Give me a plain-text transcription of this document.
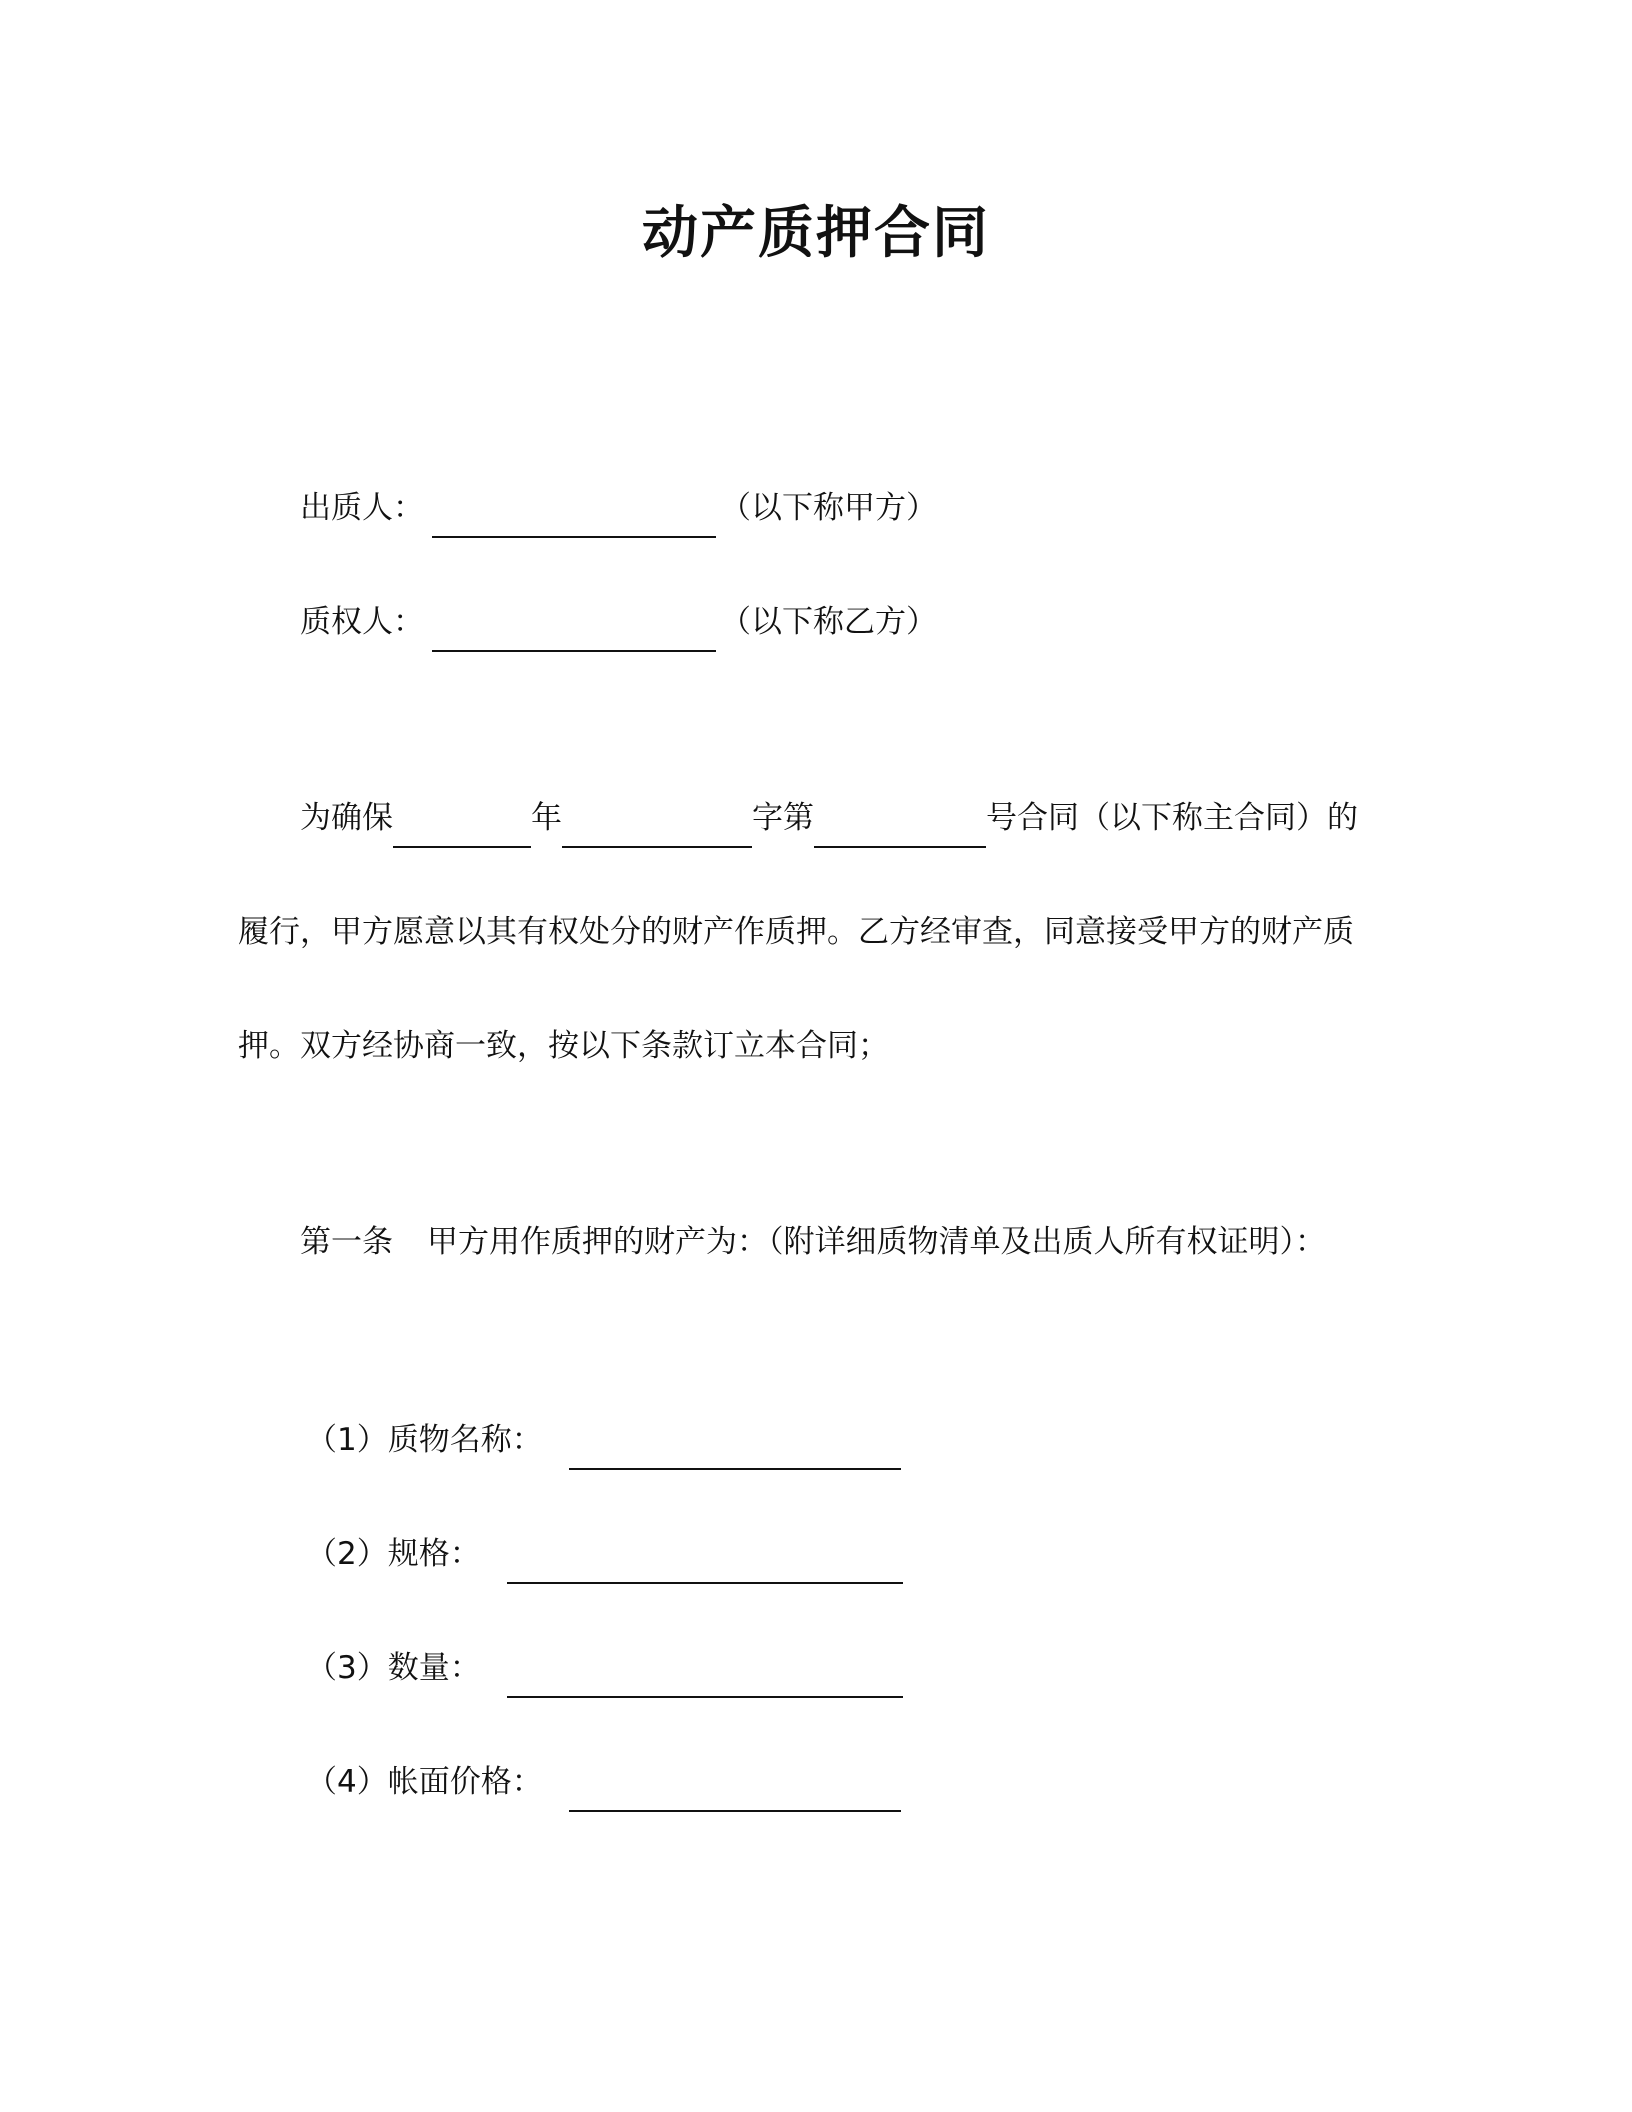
动产质押合同
出质人：	（以下称甲方）
质权人：	（以下称乙方）
为确保	年	字第	号合同（以下称主合同）的
履行，甲方愿意以其有权处分的财产作质押。乙方经审查，同意接受甲方的财产质
押。双方经协商一致，按以下条款订立本合同；
第一条 甲方用作质押的财产为：（附详细质物清单及出质人所有权证明）：
（1）质物名称：
（2）规格：
（3）数量：
（4）帐面价格：
